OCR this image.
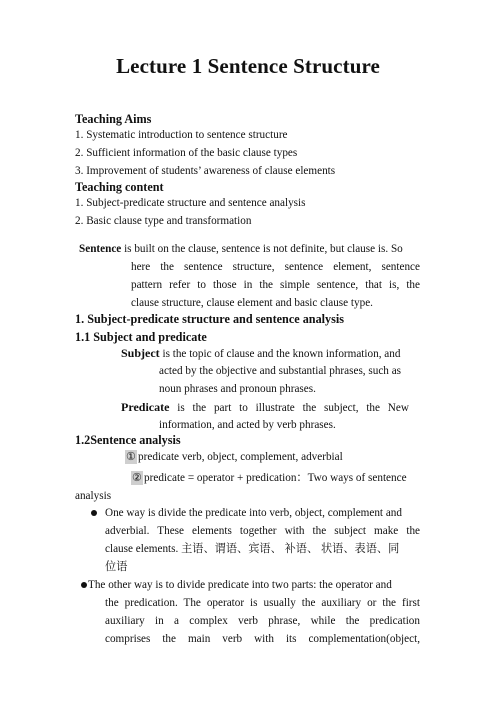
Lecture 1 Sentence Structure
Teaching Aims
1. Systematic introduction to sentence structure
2. Sufficient information of the basic clause types
3. Improvement of students’ awareness of clause elements
Teaching content
1. Subject-predicate structure and sentence analysis
2. Basic clause type and transformation
Sentence is built on the clause, sentence is not definite, but clause is. So
here the sentence structure, sentence element, sentence
pattern refer to those in the simple sentence, that is, the
clause structure, clause element and basic clause type.
1. Subject-predicate structure and sentence analysis
1.1 Subject and predicate
Subject is the topic of clause and the known information, and
acted by the objective and substantial phrases, such as
noun phrases and pronoun phrases.
Predicate is the part to illustrate the subject, the New
information, and acted by verb phrases.
1.2Sentence analysis
① predicate verb, object, complement, adverbial
② predicate = operator + predication：Two ways of sentence
analysis
One way is divide the predicate into verb, object, complement and
adverbial. These elements together with the subject make the
clause elements. 主语、谓语、宾语、 补语、 状语、表语、同
位语
The other way is to divide predicate into two parts: the operator and
the predication. The operator is usually the auxiliary or the first
auxiliary in a complex verb phrase, while the predication
comprises the main verb with its complementation(object,
